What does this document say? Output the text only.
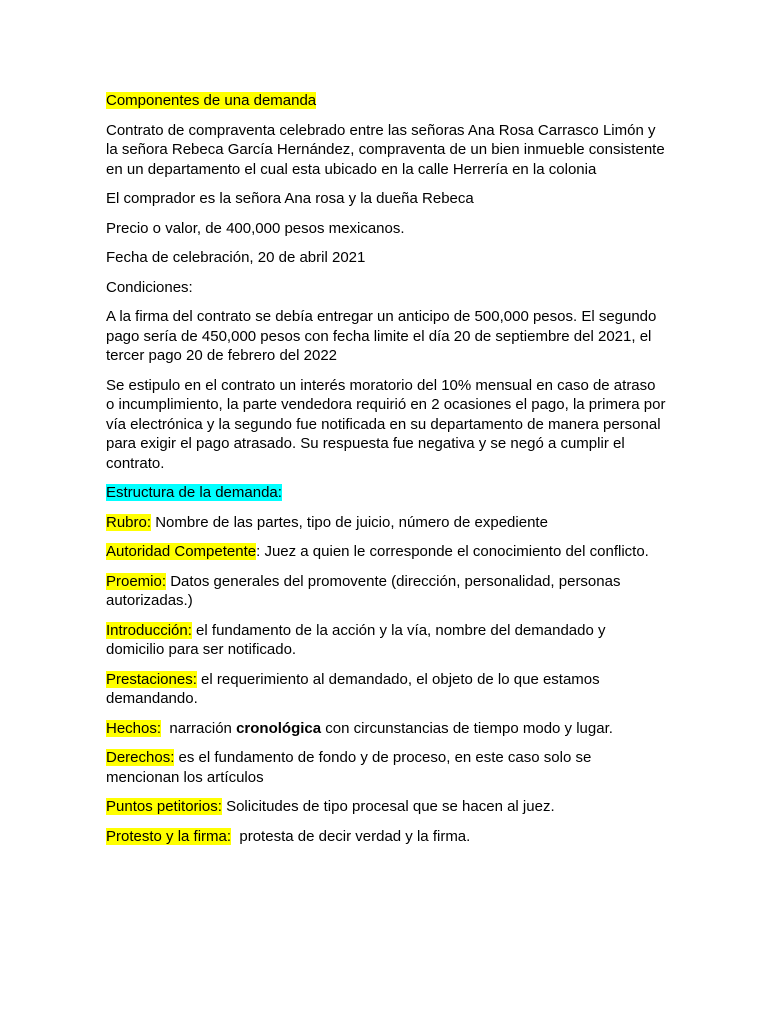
Componentes de una demanda

Contrato de compraventa celebrado entre las señoras Ana Rosa Carrasco Limón y la señora Rebeca García Hernández, compraventa de un bien inmueble consistente en un departamento el cual esta ubicado en la calle Herrería en la colonia

El comprador es la señora Ana rosa y la dueña Rebeca

Precio o valor, de 400,000 pesos mexicanos.

Fecha de celebración, 20 de abril 2021

Condiciones:

A la firma del contrato se debía entregar un anticipo de 500,000 pesos. El segundo pago sería de 450,000 pesos con fecha limite el día 20 de septiembre del 2021, el tercer pago 20 de febrero del 2022

Se estipulo en el contrato un interés moratorio del 10% mensual en caso de atraso o incumplimiento, la parte vendedora requirió en 2 ocasiones el pago, la primera por vía electrónica y la segundo fue notificada en su departamento de manera personal para exigir el pago atrasado. Su respuesta fue negativa y se negó a cumplir el contrato.

Estructura de la demanda:

Rubro: Nombre de las partes, tipo de juicio, número de expediente

Autoridad Competente: Juez a quien le corresponde el conocimiento del conflicto.

Proemio: Datos generales del promovente (dirección, personalidad, personas autorizadas.)

Introducción: el fundamento de la acción y la vía, nombre del demandado y domicilio para ser notificado.

Prestaciones: el requerimiento al demandado, el objeto de lo que estamos demandando.

Hechos:  narración cronológica con circunstancias de tiempo modo y lugar.

Derechos: es el fundamento de fondo y de proceso, en este caso solo se mencionan los artículos

Puntos petitorios: Solicitudes de tipo procesal que se hacen al juez.

Protesto y la firma:  protesta de decir verdad y la firma.
